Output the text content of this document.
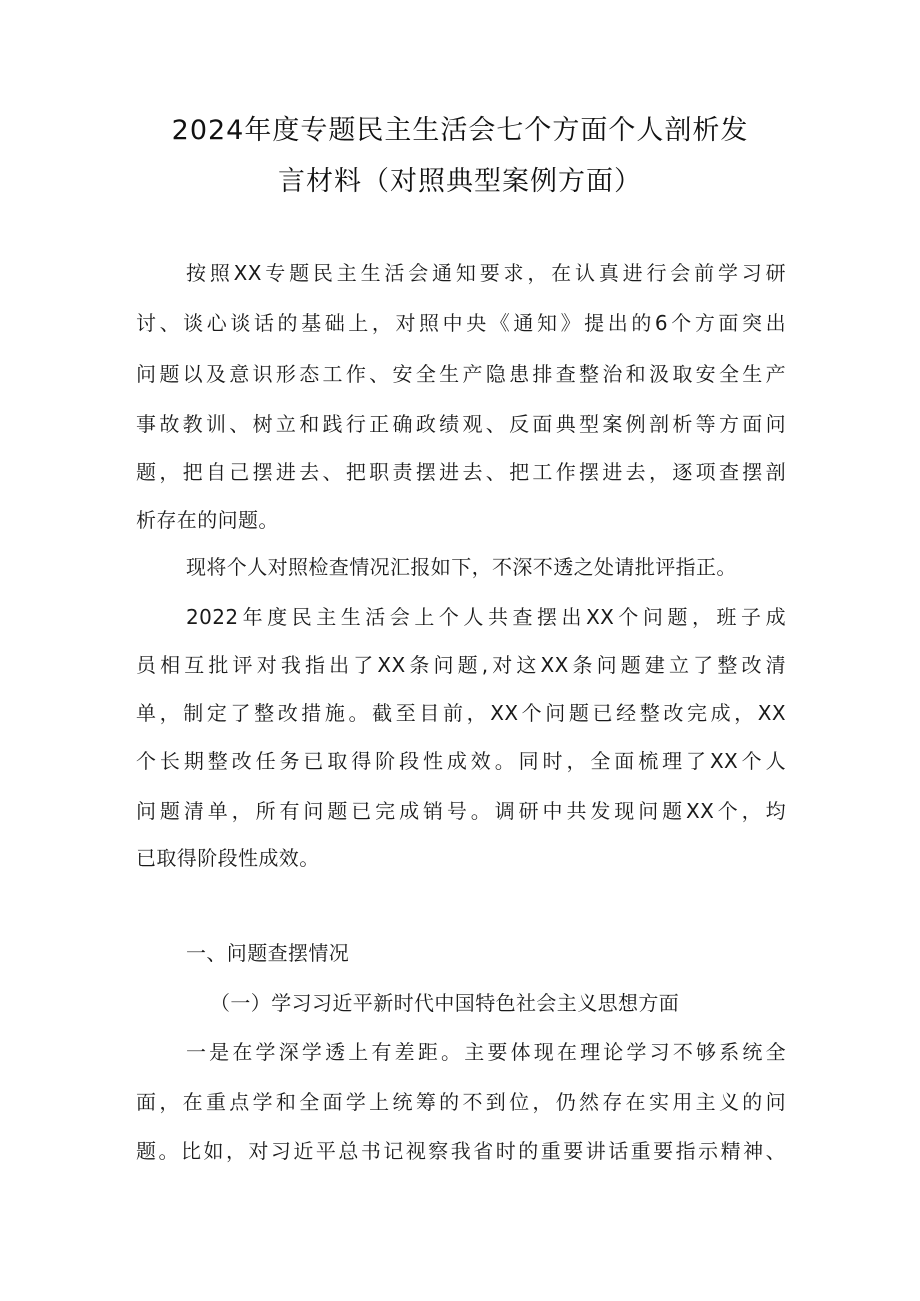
2024年度专题民主生活会七个方面个人剖析发
言材料（对照典型案例方面）
按照XX专题民主生活会通知要求，在认真进行会前学习研
讨、谈心谈话的基础上，对照中央《通知》提出的6个方面突出
问题以及意识形态工作、安全生产隐患排查整治和汲取安全生产
事故教训、树立和践行正确政绩观、反面典型案例剖析等方面问
题，把自己摆进去、把职责摆进去、把工作摆进去，逐项查摆剖
析存在的问题。
现将个人对照检查情况汇报如下，不深不透之处请批评指正。
2022年度民主生活会上个人共查摆出XX个问题，班子成
员相互批评对我指出了XX条问题,对这XX条问题建立了整改清
单，制定了整改措施。截至目前，XX个问题已经整改完成，XX
个长期整改任务已取得阶段性成效。同时，全面梳理了XX个人
问题清单，所有问题已完成销号。调研中共发现问题XX个，均
已取得阶段性成效。
一、问题查摆情况
（一）学习习近平新时代中国特色社会主义思想方面
一是在学深学透上有差距。主要体现在理论学习不够系统全
面，在重点学和全面学上统筹的不到位，仍然存在实用主义的问
题。比如，对习近平总书记视察我省时的重要讲话重要指示精神、
